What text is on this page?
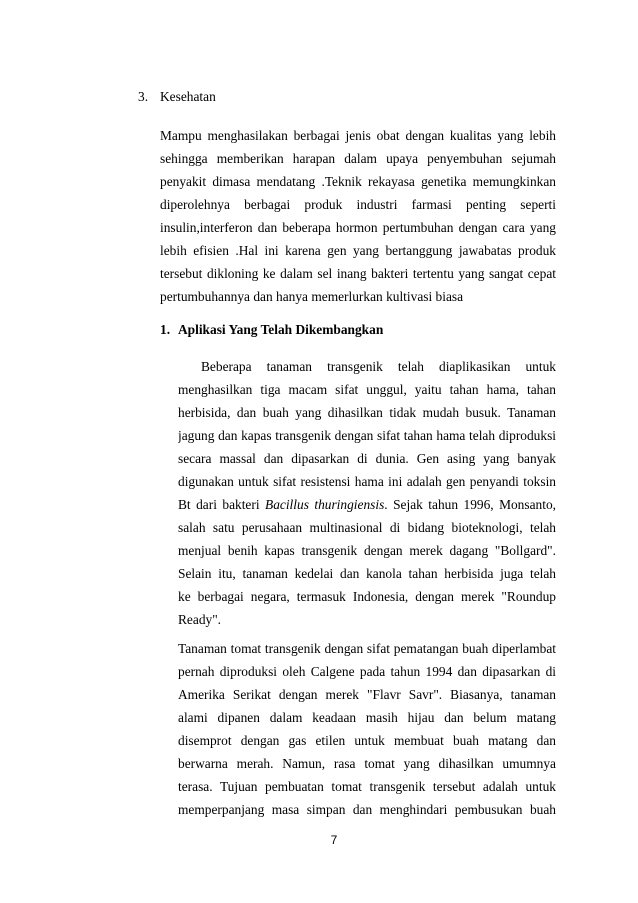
3. Kesehatan
Mampu menghasilakan berbagai jenis obat dengan kualitas yang lebih
sehingga memberikan harapan dalam upaya penyembuhan sejumah
penyakit dimasa mendatang .Teknik rekayasa genetika memungkinkan
diperolehnya berbagai produk industri farmasi penting seperti
insulin,interferon dan beberapa hormon pertumbuhan dengan cara yang
lebih efisien .Hal ini karena gen yang bertanggung jawabatas produk
tersebut dikloning ke dalam sel inang bakteri tertentu yang sangat cepat
pertumbuhannya dan hanya memerlurkan kultivasi biasa
1. Aplikasi Yang Telah Dikembangkan
Beberapa tanaman transgenik telah diaplikasikan untuk
menghasilkan tiga macam sifat unggul, yaitu tahan hama, tahan
herbisida, dan buah yang dihasilkan tidak mudah busuk. Tanaman
jagung dan kapas transgenik dengan sifat tahan hama telah diproduksi
secara massal dan dipasarkan di dunia. Gen asing yang banyak
digunakan untuk sifat resistensi hama ini adalah gen penyandi toksin
Bt dari bakteri Bacillus thuringiensis. Sejak tahun 1996, Monsanto,
salah satu perusahaan multinasional di bidang bioteknologi, telah
menjual benih kapas transgenik dengan merek dagang "Bollgard".
Selain itu, tanaman kedelai dan kanola tahan herbisida juga telah
ke berbagai negara, termasuk Indonesia, dengan merek "Roundup
Ready".
Tanaman tomat transgenik dengan sifat pematangan buah diperlambat
pernah diproduksi oleh Calgene pada tahun 1994 dan dipasarkan di
Amerika Serikat dengan merek "Flavr Savr". Biasanya, tanaman
alami dipanen dalam keadaan masih hijau dan belum matang
disemprot dengan gas etilen untuk membuat buah matang dan
berwarna merah. Namun, rasa tomat yang dihasilkan umumnya
terasa. Tujuan pembuatan tomat transgenik tersebut adalah untuk
memperpanjang masa simpan dan menghindari pembusukan buah
7
